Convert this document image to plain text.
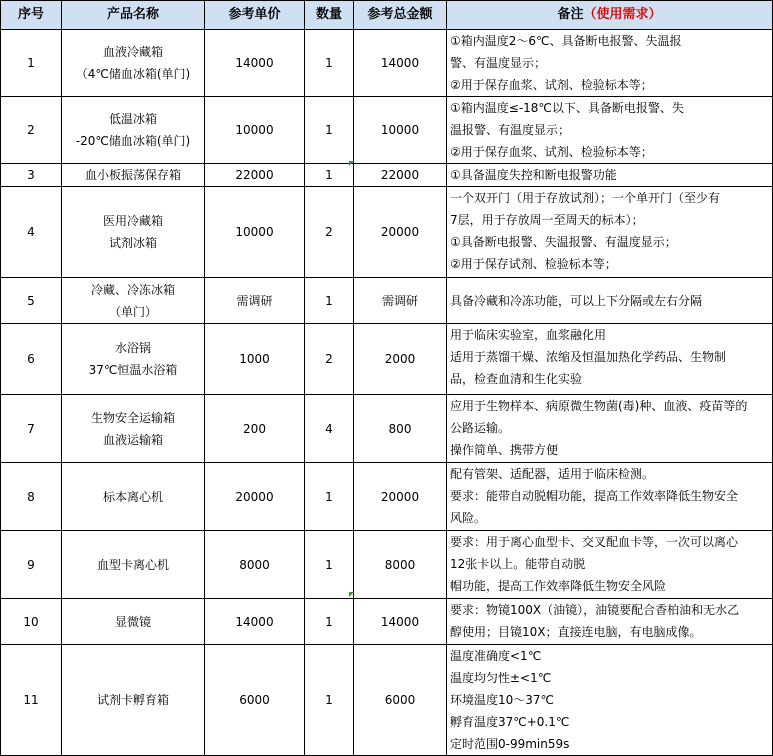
序号	产品名称	参考单价	数量	参考总金额	备注（使用需求）
1	血液冷藏箱
（4℃储血冰箱(单门)	14000	1	14000	①箱内温度2～6℃、具备断电报警、失温报
警、有温度显示；
②用于保存血浆、试剂、检验标本等；

2	低温冰箱
-20℃储血冰箱(单门)	10000	1	10000	①箱内温度≤-18℃以下、具备断电报警、失
温报警、有温度显示；
②用于保存血浆、试剂、检验标本等；

3	血小板振荡保存箱	22000	1	22000	①具备温度失控和断电报警功能

4	医用冷藏箱
试剂冰箱	10000	2	20000	一个双开门（用于存放试剂）；一个单开门（至少有
7层，用于存放周一至周天的标本）；
①具备断电报警、失温报警、有温度显示；
②用于保存试剂、检验标本等；

5	冷藏、冷冻冰箱
（单门）	需调研	1	需调研	具备冷藏和冷冻功能，可以上下分隔或左右分隔

6	水浴锅
37℃恒温水浴箱	1000	2	2000	用于临床实验室，血浆融化用
适用于蒸馏干燥、浓缩及恒温加热化学药品、生物制
品，检查血清和生化实验

7	生物安全运输箱
血液运输箱	200	4	800	应用于生物样本、病原微生物菌(毒)种、血液、疫苗等的
公路运输。
操作简单、携带方便

8	标本离心机	20000	1	20000	配有管架、适配器，适用于临床检测。
要求：能带自动脱帽功能，提高工作效率降低生物安全
风险。

9	血型卡离心机	8000	1	8000	要求：用于离心血型卡、交叉配血卡等，一次可以离心
12张卡以上。能带自动脱
帽功能，提高工作效率降低生物安全风险

10	显微镜	14000	1	14000	要求：物镜100X（油镜），油镜要配合香柏油和无水乙
醇使用；目镜10X；直接连电脑，有电脑成像。

11	试剂卡孵育箱	6000	1	6000	温度准确度<1℃
温度均匀性±<1℃
环境温度10～37℃
孵育温度37℃+0.1℃
定时范围0-99min59s
